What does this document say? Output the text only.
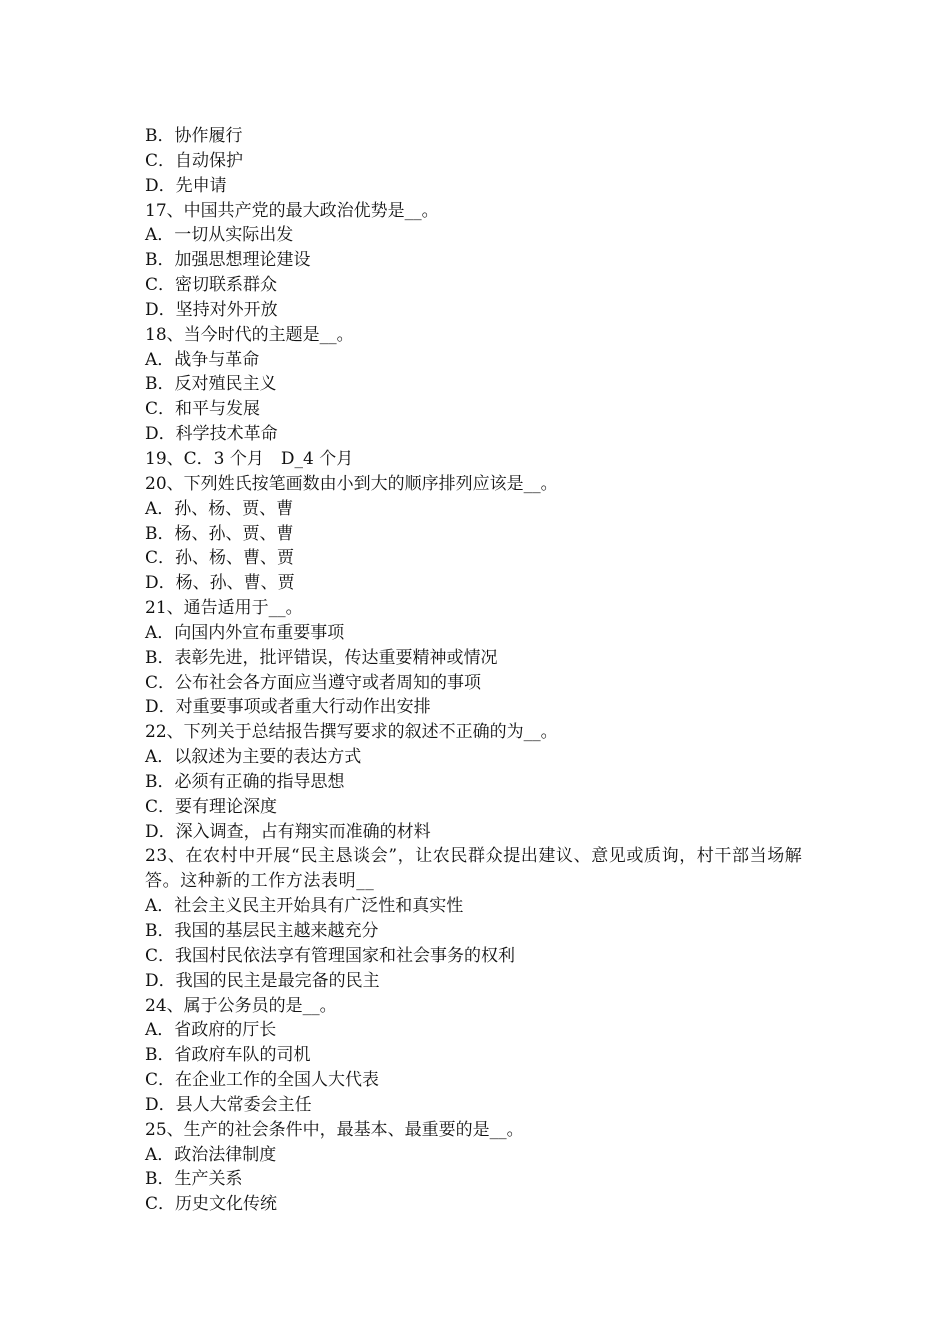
B．协作履行

C．自动保护

D．先申请

17、中国共产党的最大政治优势是__。

A．一切从实际出发

B．加强思想理论建设

C．密切联系群众

D．坚持对外开放

18、当今时代的主题是__。

A．战争与革命

B．反对殖民主义

C．和平与发展

D．科学技术革命

19、C．3 个月　D_4 个月

20、下列姓氏按笔画数由小到大的顺序排列应该是__。

A．孙、杨、贾、曹

B．杨、孙、贾、曹

C．孙、杨、曹、贾

D．杨、孙、曹、贾

21、通告适用于__。

A．向国内外宣布重要事项

B．表彰先进，批评错误，传达重要精神或情况

C．公布社会各方面应当遵守或者周知的事项

D．对重要事项或者重大行动作出安排

22、下列关于总结报告撰写要求的叙述不正确的为__。

A．以叙述为主要的表达方式

B．必须有正确的指导思想

C．要有理论深度

D．深入调查，占有翔实而准确的材料

23、在农村中开展“民主恳谈会”，让农民群众提出建议、意见或质询，村干部当场解答。这种新的工作方法表明__

A．社会主义民主开始具有广泛性和真实性

B．我国的基层民主越来越充分

C．我国村民依法享有管理国家和社会事务的权利

D．我国的民主是最完备的民主

24、属于公务员的是__。

A．省政府的厅长

B．省政府车队的司机

C．在企业工作的全国人大代表

D．县人大常委会主任

25、生产的社会条件中，最基本、最重要的是__。

A．政治法律制度

B．生产关系

C．历史文化传统
